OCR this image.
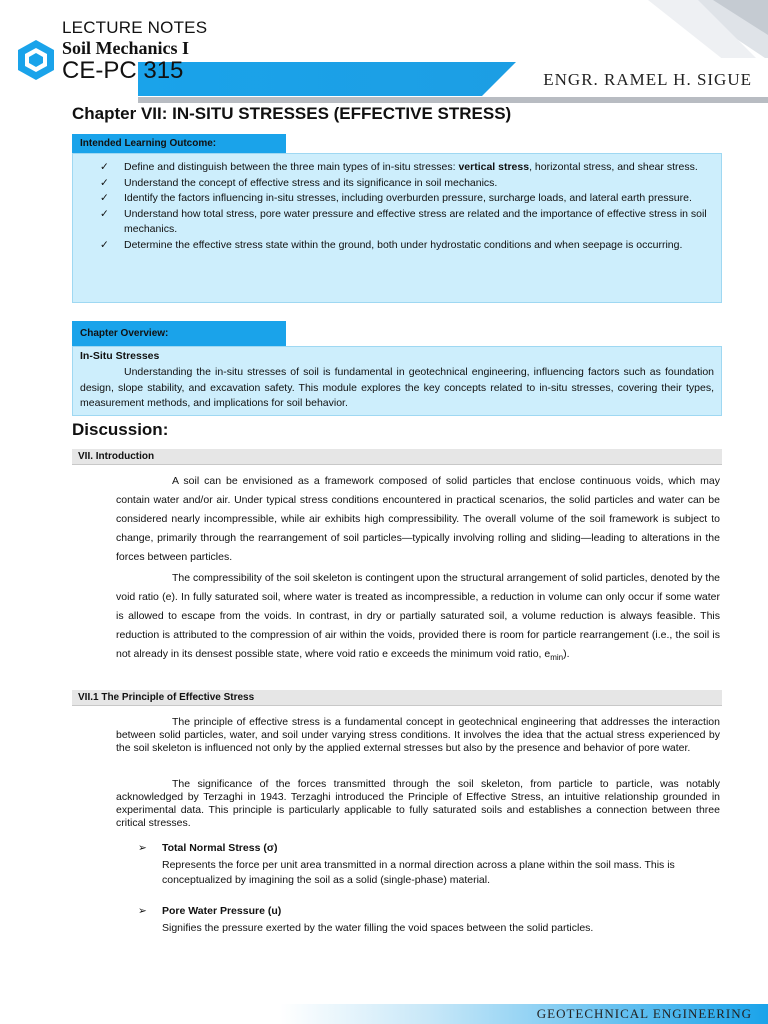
LECTURE NOTES
Soil Mechanics I
CE-PC 315	ENGR. RAMEL H. SIGUE
Chapter VII: IN-SITU STRESSES (EFFECTIVE STRESS)
Intended Learning Outcome:
✓ Define and distinguish between the three main types of in-situ stresses: vertical stress, horizontal stress, and shear stress.
✓ Understand the concept of effective stress and its significance in soil mechanics.
✓ Identify the factors influencing in-situ stresses, including overburden pressure, surcharge loads, and lateral earth pressure.
✓ Understand how total stress, pore water pressure and effective stress are related and the importance of effective stress in soil mechanics.
✓ Determine the effective stress state within the ground, both under hydrostatic conditions and when seepage is occurring.
Chapter Overview:
In-Situ Stresses

Understanding the in-situ stresses of soil is fundamental in geotechnical engineering, influencing factors such as foundation design, slope stability, and excavation safety. This module explores the key concepts related to in-situ stresses, covering their types, measurement methods, and implications for soil behavior.

Discussion:
VII. Introduction

A soil can be envisioned as a framework composed of solid particles that enclose continuous voids, which may contain water and/or air. Under typical stress conditions encountered in practical scenarios, the solid particles and water can be considered nearly incompressible, while air exhibits high compressibility. The overall volume of the soil framework is subject to change, primarily through the rearrangement of soil particles—typically involving rolling and sliding—leading to alterations in the forces between particles.

The compressibility of the soil skeleton is contingent upon the structural arrangement of solid particles, denoted by the void ratio (e). In fully saturated soil, where water is treated as incompressible, a reduction in volume can only occur if some water is allowed to escape from the voids. In contrast, in dry or partially saturated soil, a volume reduction is always feasible. This reduction is attributed to the compression of air within the voids, provided there is room for particle rearrangement (i.e., the soil is not already in its densest possible state, where void ratio e exceeds the minimum void ratio, $e_{min}$).

VII.1 The Principle of Effective Stress

The principle of effective stress is a fundamental concept in geotechnical engineering that addresses the interaction between solid particles, water, and soil under varying stress conditions. It involves the idea that the actual stress experienced by the soil skeleton is influenced not only by the applied external stresses but also by the presence and behavior of pore water.

The significance of the forces transmitted through the soil skeleton, from particle to particle, was notably acknowledged by Terzaghi in 1943. Terzaghi introduced the Principle of Effective Stress, an intuitive relationship grounded in experimental data. This principle is particularly applicable to fully saturated soils and establishes a connection between three critical stresses.

➢ Total Normal Stress (σ)

Represents the force per unit area transmitted in a normal direction across a plane within the soil mass. This is conceptualized by imagining the soil as a solid (single-phase) material.

➢ Pore Water Pressure (u)

Signifies the pressure exerted by the water filling the void spaces between the solid particles.

GEOTECHNICAL ENGINEERING
